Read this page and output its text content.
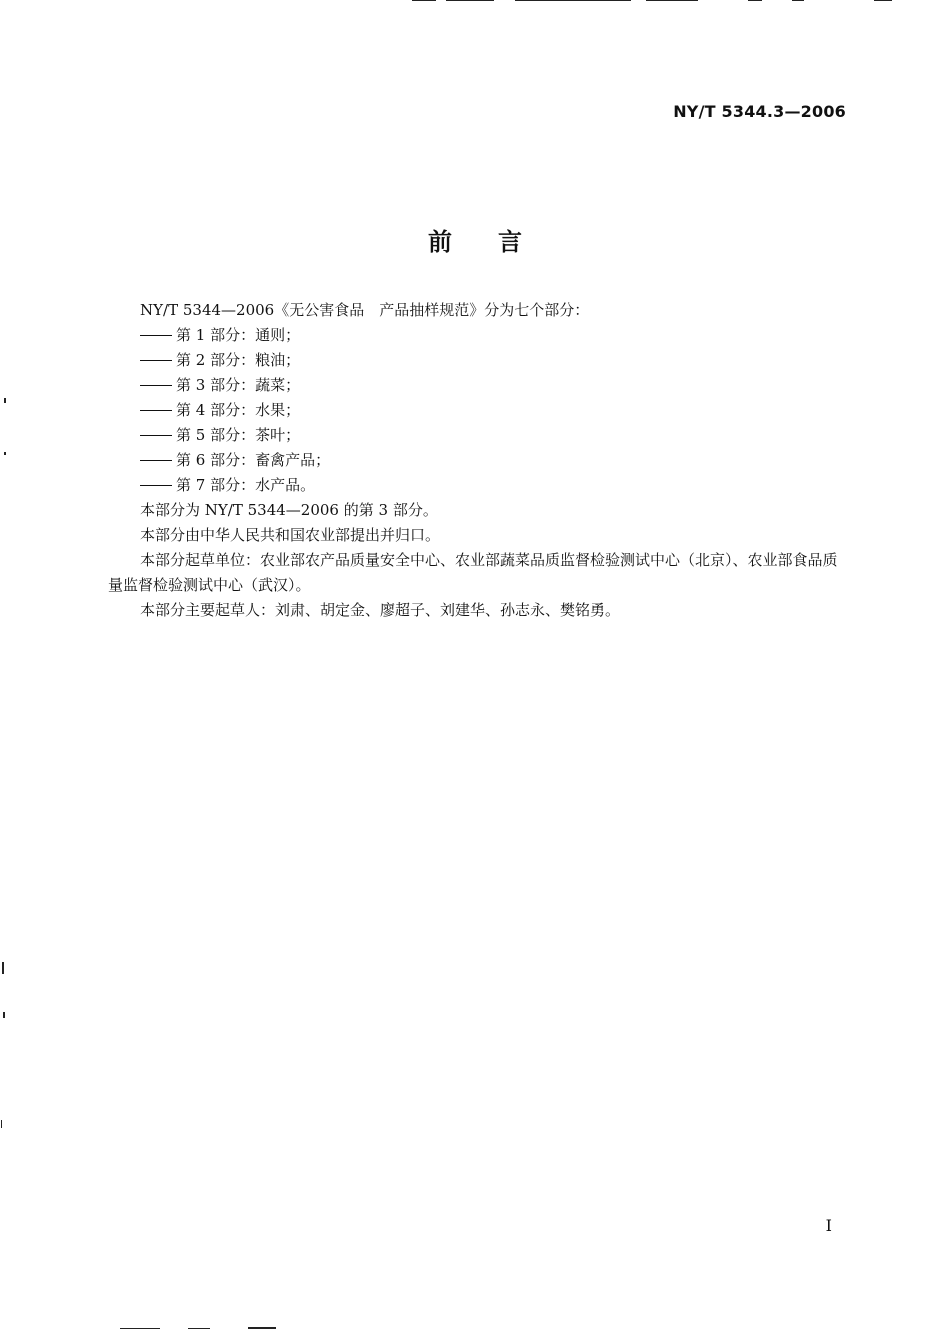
NY/T 5344.3—2006
前言

NY/T 5344—2006《无公害食品　产品抽样规范》分为七个部分：

第 1 部分：通则；
第 2 部分：粮油；
第 3 部分：蔬菜；
第 4 部分：水果；
第 5 部分：茶叶；
第 6 部分：畜禽产品；
第 7 部分：水产品。

本部分为 NY/T 5344—2006 的第 3 部分。

本部分由中华人民共和国农业部提出并归口。

本部分起草单位：农业部农产品质量安全中心、农业部蔬菜品质监督检验测试中心（北京）、农业部食品质量监督检验测试中心（武汉）。

本部分主要起草人：刘肃、胡定金、廖超子、刘建华、孙志永、樊铭勇。

I
